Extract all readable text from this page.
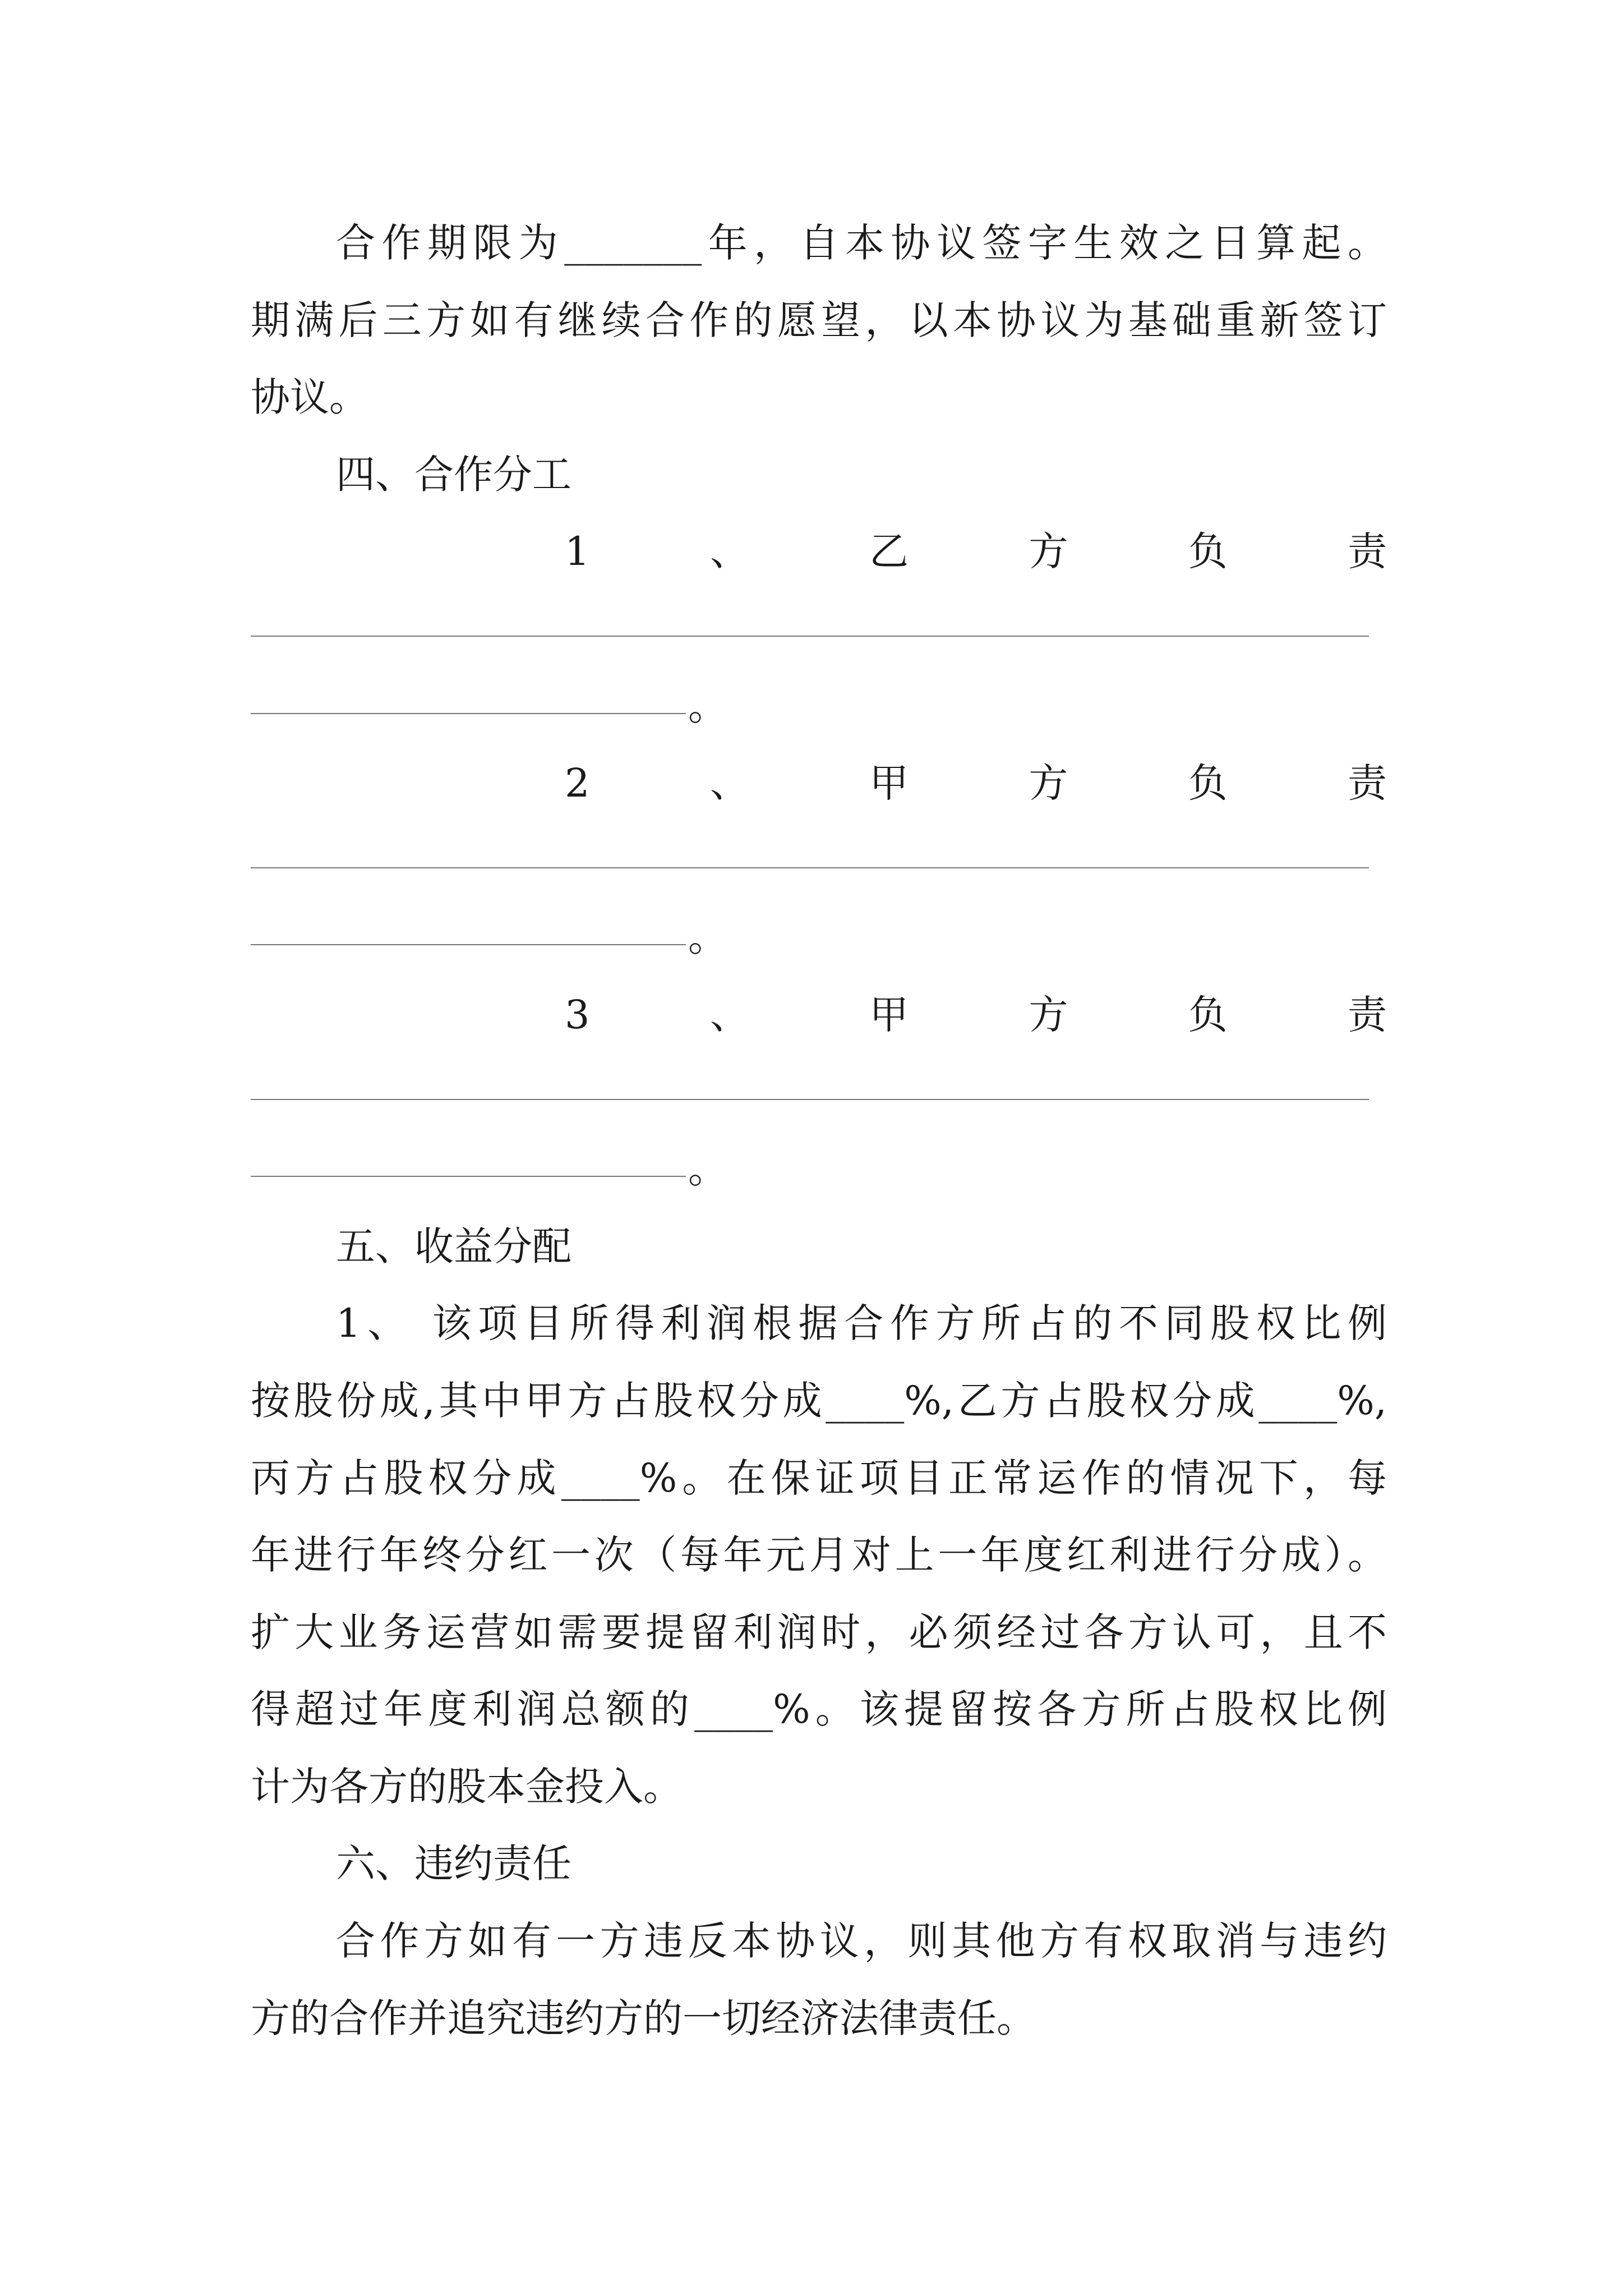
合作期限为_______年，自本协议签字生效之日算起。
期满后三方如有继续合作的愿望，以本协议为基础重新签订
协议。
四、合作分工
1	、	乙	方	负	责
。
2	、	甲	方	负	责
。
3	、	甲	方	负	责
。
五、收益分配
1、 该项目所得利润根据合作方所占的不同股权比例
按股份成,其中甲方占股权分成____%,乙方占股权分成____%,
丙方占股权分成____%。在保证项目正常运作的情况下，每
年进行年终分红一次（每年元月对上一年度红利进行分成）。
扩大业务运营如需要提留利润时，必须经过各方认可，且不
得超过年度利润总额的____%。该提留按各方所占股权比例
计为各方的股本金投入。
六、违约责任
合作方如有一方违反本协议，则其他方有权取消与违约
方的合作并追究违约方的一切经济法律责任。
